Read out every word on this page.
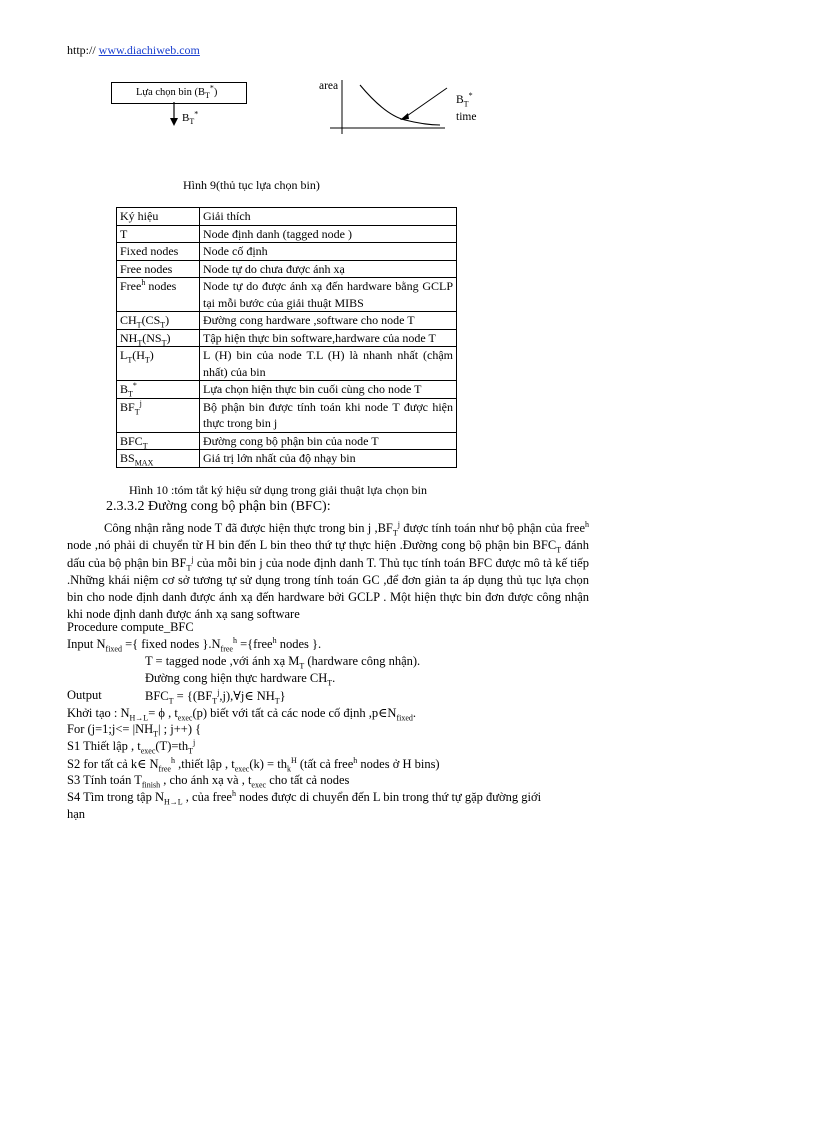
http:// www.diachiweb.com
Lựa chọn bin $(B_T^*)$
$B_T^*$
area
$B_T^*$
time
Hình 9(thủ tục lựa chọn bin)
Ký hiệu	Giải thích
T	Node định danh (tagged node )
Fixed nodes	Node cố định
Free nodes	Node tự do chưa được ánh xạ
Free$^h$ nodes	Node tự do được ánh xạ đến hardware bằng GCLP tại mỗi bước của giải thuật MIBS
$CH_T(CS_T)$	Đường cong hardware ,software cho node T
$NH_T(NS_T)$	Tập hiện thực bin software,hardware của node T
$L_T(H_T)$	L (H) bin của node T.L (H) là nhanh nhất (chậm nhất) của bin
$B_T^*$	Lựa chọn hiện thực bin cuối cùng cho node T
$BF_T^j$	Bộ phận bin được tính toán khi node T được hiện thực trong bin j
$BFC_T$	Đường cong bộ phận bin của node T
$BS_{MAX}$	Giá trị lớn nhất của độ nhạy bin
Hình 10 :tóm tắt ký hiệu sử dụng trong giải thuật lựa chọn bin
2.3.3.2 Đường cong bộ phận bin (BFC):
Công nhận rằng node T đã được hiện thực trong bin j $,BF_T^j$ được tính toán như bộ phận của free$^h$ node ,nó phải di chuyển từ H bin đến L bin theo thứ tự thực hiện .Đường cong bộ phận bin $BFC_T$ đánh dấu của bộ phận bin $BF_T^j$ của mỗi bin j của node định danh T. Thủ tục tính toán BFC được mô tả kế tiếp .Những khái niệm cơ sở tương tự sử dụng trong tính toán GC ,để đơn giản ta áp dụng thủ tục lựa chọn bin cho node định danh được ánh xạ đến hardware bởi GCLP . Một hiện thực bin đơn được công nhận khi node định danh được ánh xạ sang software
Procedure compute_BFC
Input $N_{fixed}$ ={ fixed nodes }$.N_{free}^h$ ={free$^h$ nodes }.
T = tagged node ,với ánh xạ $M_T$ (hardware công nhận).
Đường cong hiện thực hardware $CH_T$.
Output	$BFC_T$ = {$(BF_T^j,j),\forall j\in$ $NH_T$}
Khởi tạo : $N_{H\to L}= \phi$ , $t_{exec}(p)$ biết với tất cả các node cố định $,p\in N_{fixed}$.
For (j=1;j<= $|NH_T|$ ; j++) {
S1 Thiết lập , $t_{exec}(T)=th_T^j$
S2 for tất cả k∈ $N_{free}^h$ ,thiết lập , $t_{exec}(k) = th_k^H$ (tất cả free$^h$ nodes ở H bins)
S3 Tính toán $T_{finish}$ , cho ánh xạ và , $t_{exec}$ cho tất cả nodes
S4 Tìm trong tập $N_{H\to L}$ , của free$^h$ nodes được di chuyển đến L bin trong thứ tự gặp đường giới
hạn
